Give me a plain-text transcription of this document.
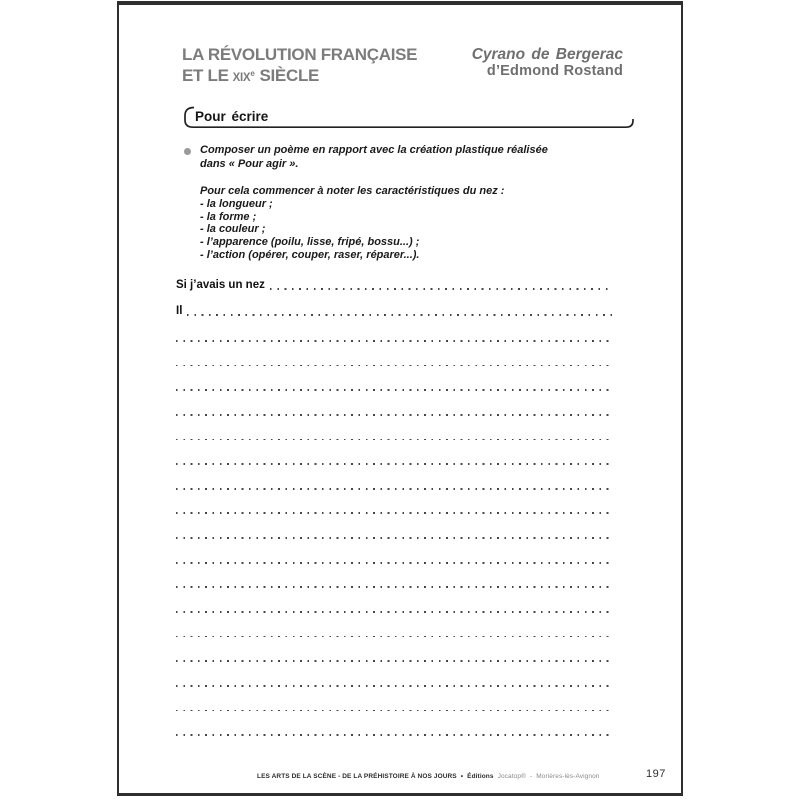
LA RÉVOLUTION FRANÇAISE
ET LE XIXe SIÈCLE
Cyrano de Bergerac
d’Edmond Rostand
Pour écrire
Composer un poème en rapport avec la création plastique réalisée
dans « Pour agir ».
Pour cela commencer à noter les caractéristiques du nez :
- la longueur ;
- la forme ;
- la couleur ;
- l’apparence (poilu, lisse, fripé, bossu...) ;
- l’action (opérer, couper, raser, réparer...).
Si j’avais un nez
Il
LES ARTS DE LA SCÈNE - DE LA PRÉHISTOIRE À NOS JOURS • Éditions Jocatop® - Morières-lès-Avignon	197
